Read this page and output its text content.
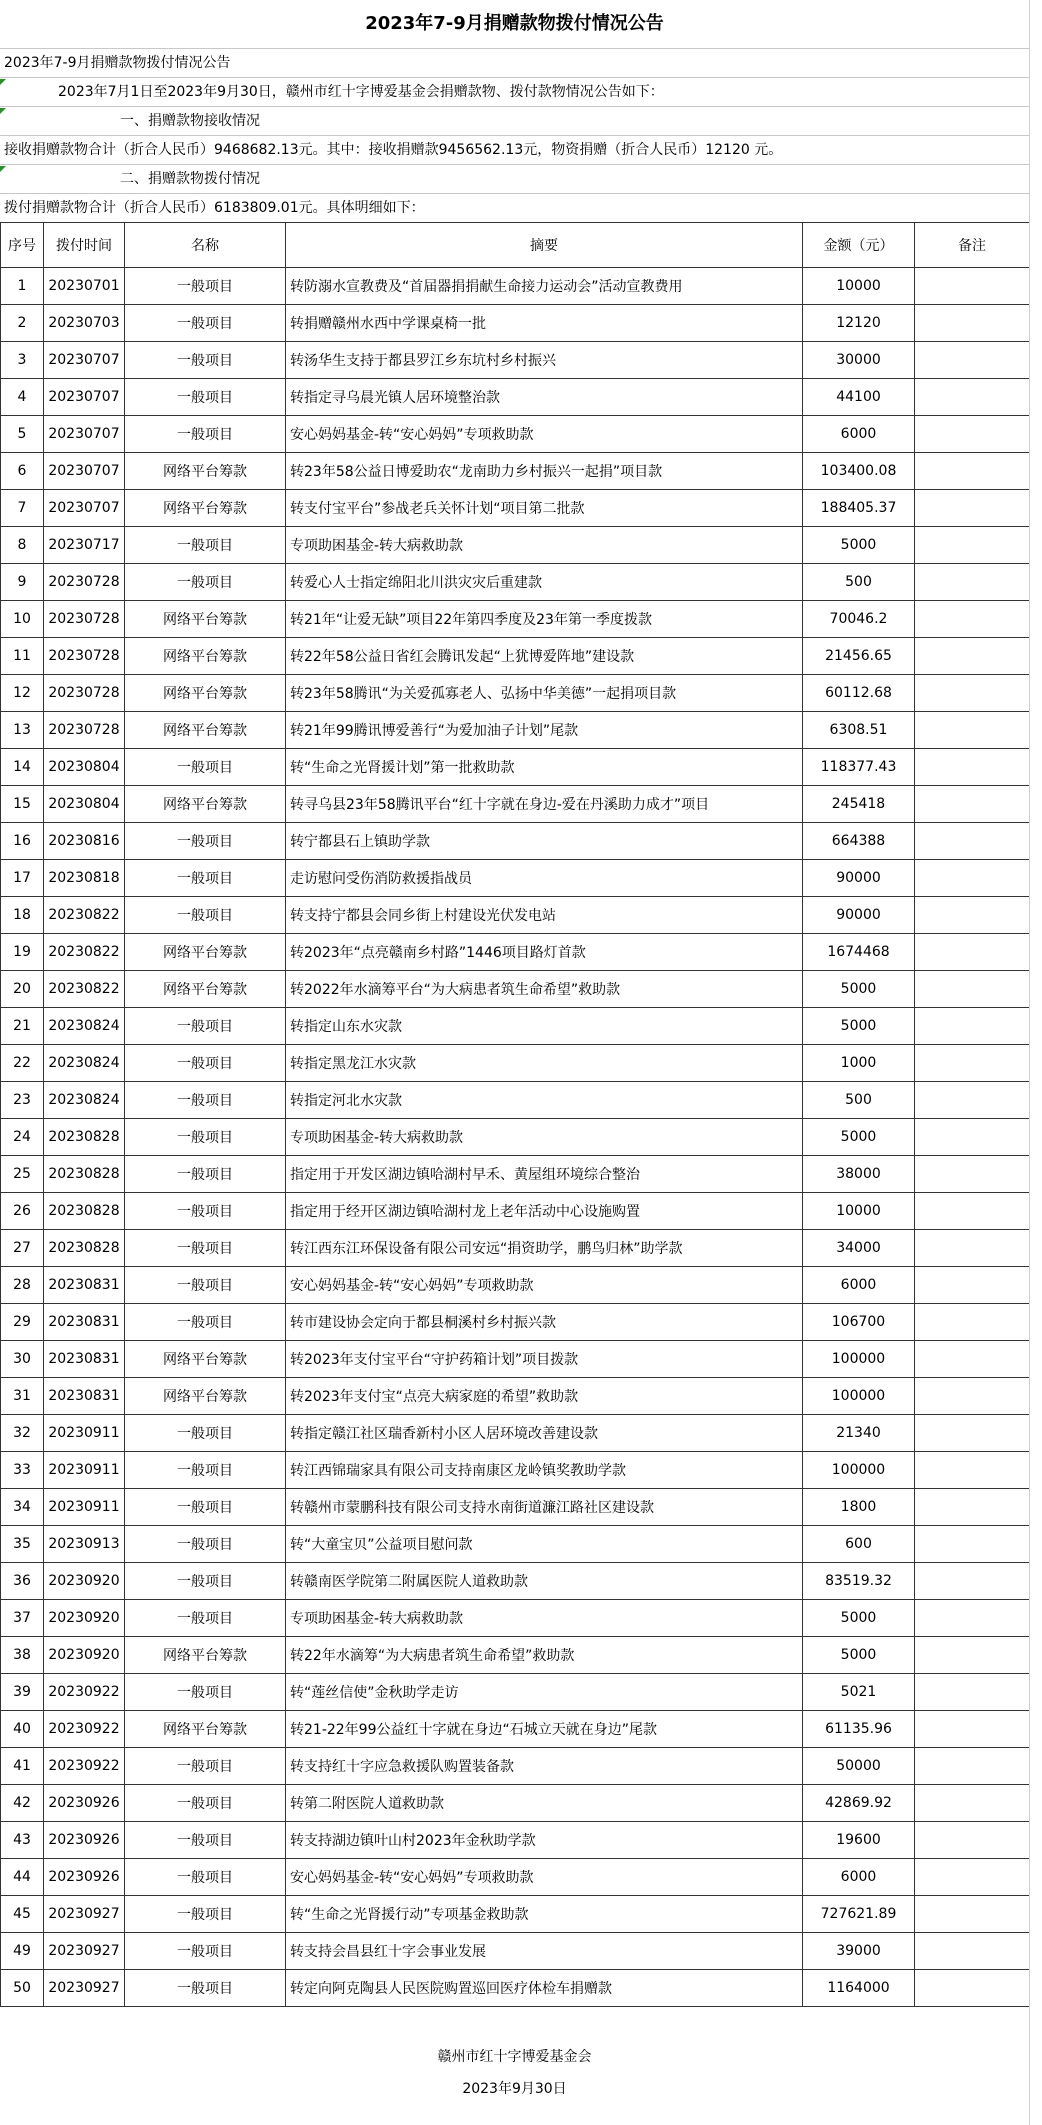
2023年7-9月捐赠款物拨付情况公告
2023年7-9月捐赠款物拨付情况公告
2023年7月1日至2023年9月30日，赣州市红十字博爱基金会捐赠款物、拨付款物情况公告如下：
一、捐赠款物接收情况
接收捐赠款物合计（折合人民币）9468682.13元。其中：接收捐赠款9456562.13元，物资捐赠（折合人民币）12120 元。
二、捐赠款物拨付情况
拨付捐赠款物合计（折合人民币）6183809.01元。具体明细如下：
序号	拨付时间	名称	摘要	金额（元）	备注
1	20230701	一般项目	转防溺水宣教费及“首届器捐捐献生命接力运动会”活动宣教费用	10000	
2	20230703	一般项目	转捐赠赣州水西中学课桌椅一批	12120	
3	20230707	一般项目	转汤华生支持于都县罗江乡东坑村乡村振兴	30000	
4	20230707	一般项目	转指定寻乌晨光镇人居环境整治款	44100	
5	20230707	一般项目	安心妈妈基金-转“安心妈妈”专项救助款	6000	
6	20230707	网络平台筹款	转23年58公益日博爱助农“龙南助力乡村振兴一起捐”项目款	103400.08	
7	20230707	网络平台筹款	转支付宝平台”参战老兵关怀计划“项目第二批款	188405.37	
8	20230717	一般项目	专项助困基金-转大病救助款	5000	
9	20230728	一般项目	转爱心人士指定绵阳北川洪灾灾后重建款	500	
10	20230728	网络平台筹款	转21年“让爱无缺”项目22年第四季度及23年第一季度拨款	70046.2	
11	20230728	网络平台筹款	转22年58公益日省红会腾讯发起“上犹博爱阵地”建设款	21456.65	
12	20230728	网络平台筹款	转23年58腾讯“为关爱孤寡老人、弘扬中华美德”一起捐项目款	60112.68	
13	20230728	网络平台筹款	转21年99腾讯博爱善行“为爱加油子计划”尾款	6308.51	
14	20230804	一般项目	转“生命之光肾援计划”第一批救助款	118377.43	
15	20230804	网络平台筹款	转寻乌县23年58腾讯平台“红十字就在身边-爱在丹溪助力成才”项目	245418	
16	20230816	一般项目	转宁都县石上镇助学款	664388	
17	20230818	一般项目	走访慰问受伤消防救援指战员	90000	
18	20230822	一般项目	转支持宁都县会同乡街上村建设光伏发电站	90000	
19	20230822	网络平台筹款	转2023年“点亮赣南乡村路”1446项目路灯首款	1674468	
20	20230822	网络平台筹款	转2022年水滴筹平台“为大病患者筑生命希望”救助款	5000	
21	20230824	一般项目	转指定山东水灾款	5000	
22	20230824	一般项目	转指定黑龙江水灾款	1000	
23	20230824	一般项目	转指定河北水灾款	500	
24	20230828	一般项目	专项助困基金-转大病救助款	5000	
25	20230828	一般项目	指定用于开发区湖边镇哈湖村早禾、黄屋组环境综合整治	38000	
26	20230828	一般项目	指定用于经开区湖边镇哈湖村龙上老年活动中心设施购置	10000	
27	20230828	一般项目	转江西东江环保设备有限公司安远“捐资助学，鹏鸟归林”助学款	34000	
28	20230831	一般项目	安心妈妈基金-转“安心妈妈”专项救助款	6000	
29	20230831	一般项目	转市建设协会定向于都县桐溪村乡村振兴款	106700	
30	20230831	网络平台筹款	转2023年支付宝平台“守护药箱计划”项目拨款	100000	
31	20230831	网络平台筹款	转2023年支付宝“点亮大病家庭的希望”救助款	100000	
32	20230911	一般项目	转指定赣江社区瑞香新村小区人居环境改善建设款	21340	
33	20230911	一般项目	转江西锦瑞家具有限公司支持南康区龙岭镇奖教助学款	100000	
34	20230911	一般项目	转赣州市蒙鹏科技有限公司支持水南街道濂江路社区建设款	1800	
35	20230913	一般项目	转“大童宝贝”公益项目慰问款	600	
36	20230920	一般项目	转赣南医学院第二附属医院人道救助款	83519.32	
37	20230920	一般项目	专项助困基金-转大病救助款	5000	
38	20230920	网络平台筹款	转22年水滴筹“为大病患者筑生命希望”救助款	5000	
39	20230922	一般项目	转“莲丝信使”金秋助学走访	5021	
40	20230922	网络平台筹款	转21-22年99公益红十字就在身边“石城立天就在身边”尾款	61135.96	
41	20230922	一般项目	转支持红十字应急救援队购置装备款	50000	
42	20230926	一般项目	转第二附医院人道救助款	42869.92	
43	20230926	一般项目	转支持湖边镇叶山村2023年金秋助学款	19600	
44	20230926	一般项目	安心妈妈基金-转“安心妈妈”专项救助款	6000	
45	20230927	一般项目	转“生命之光肾援行动”专项基金救助款	727621.89	
49	20230927	一般项目	转支持会昌县红十字会事业发展	39000	
50	20230927	一般项目	转定向阿克陶县人民医院购置巡回医疗体检车捐赠款	1164000	
赣州市红十字博爱基金会
2023年9月30日
